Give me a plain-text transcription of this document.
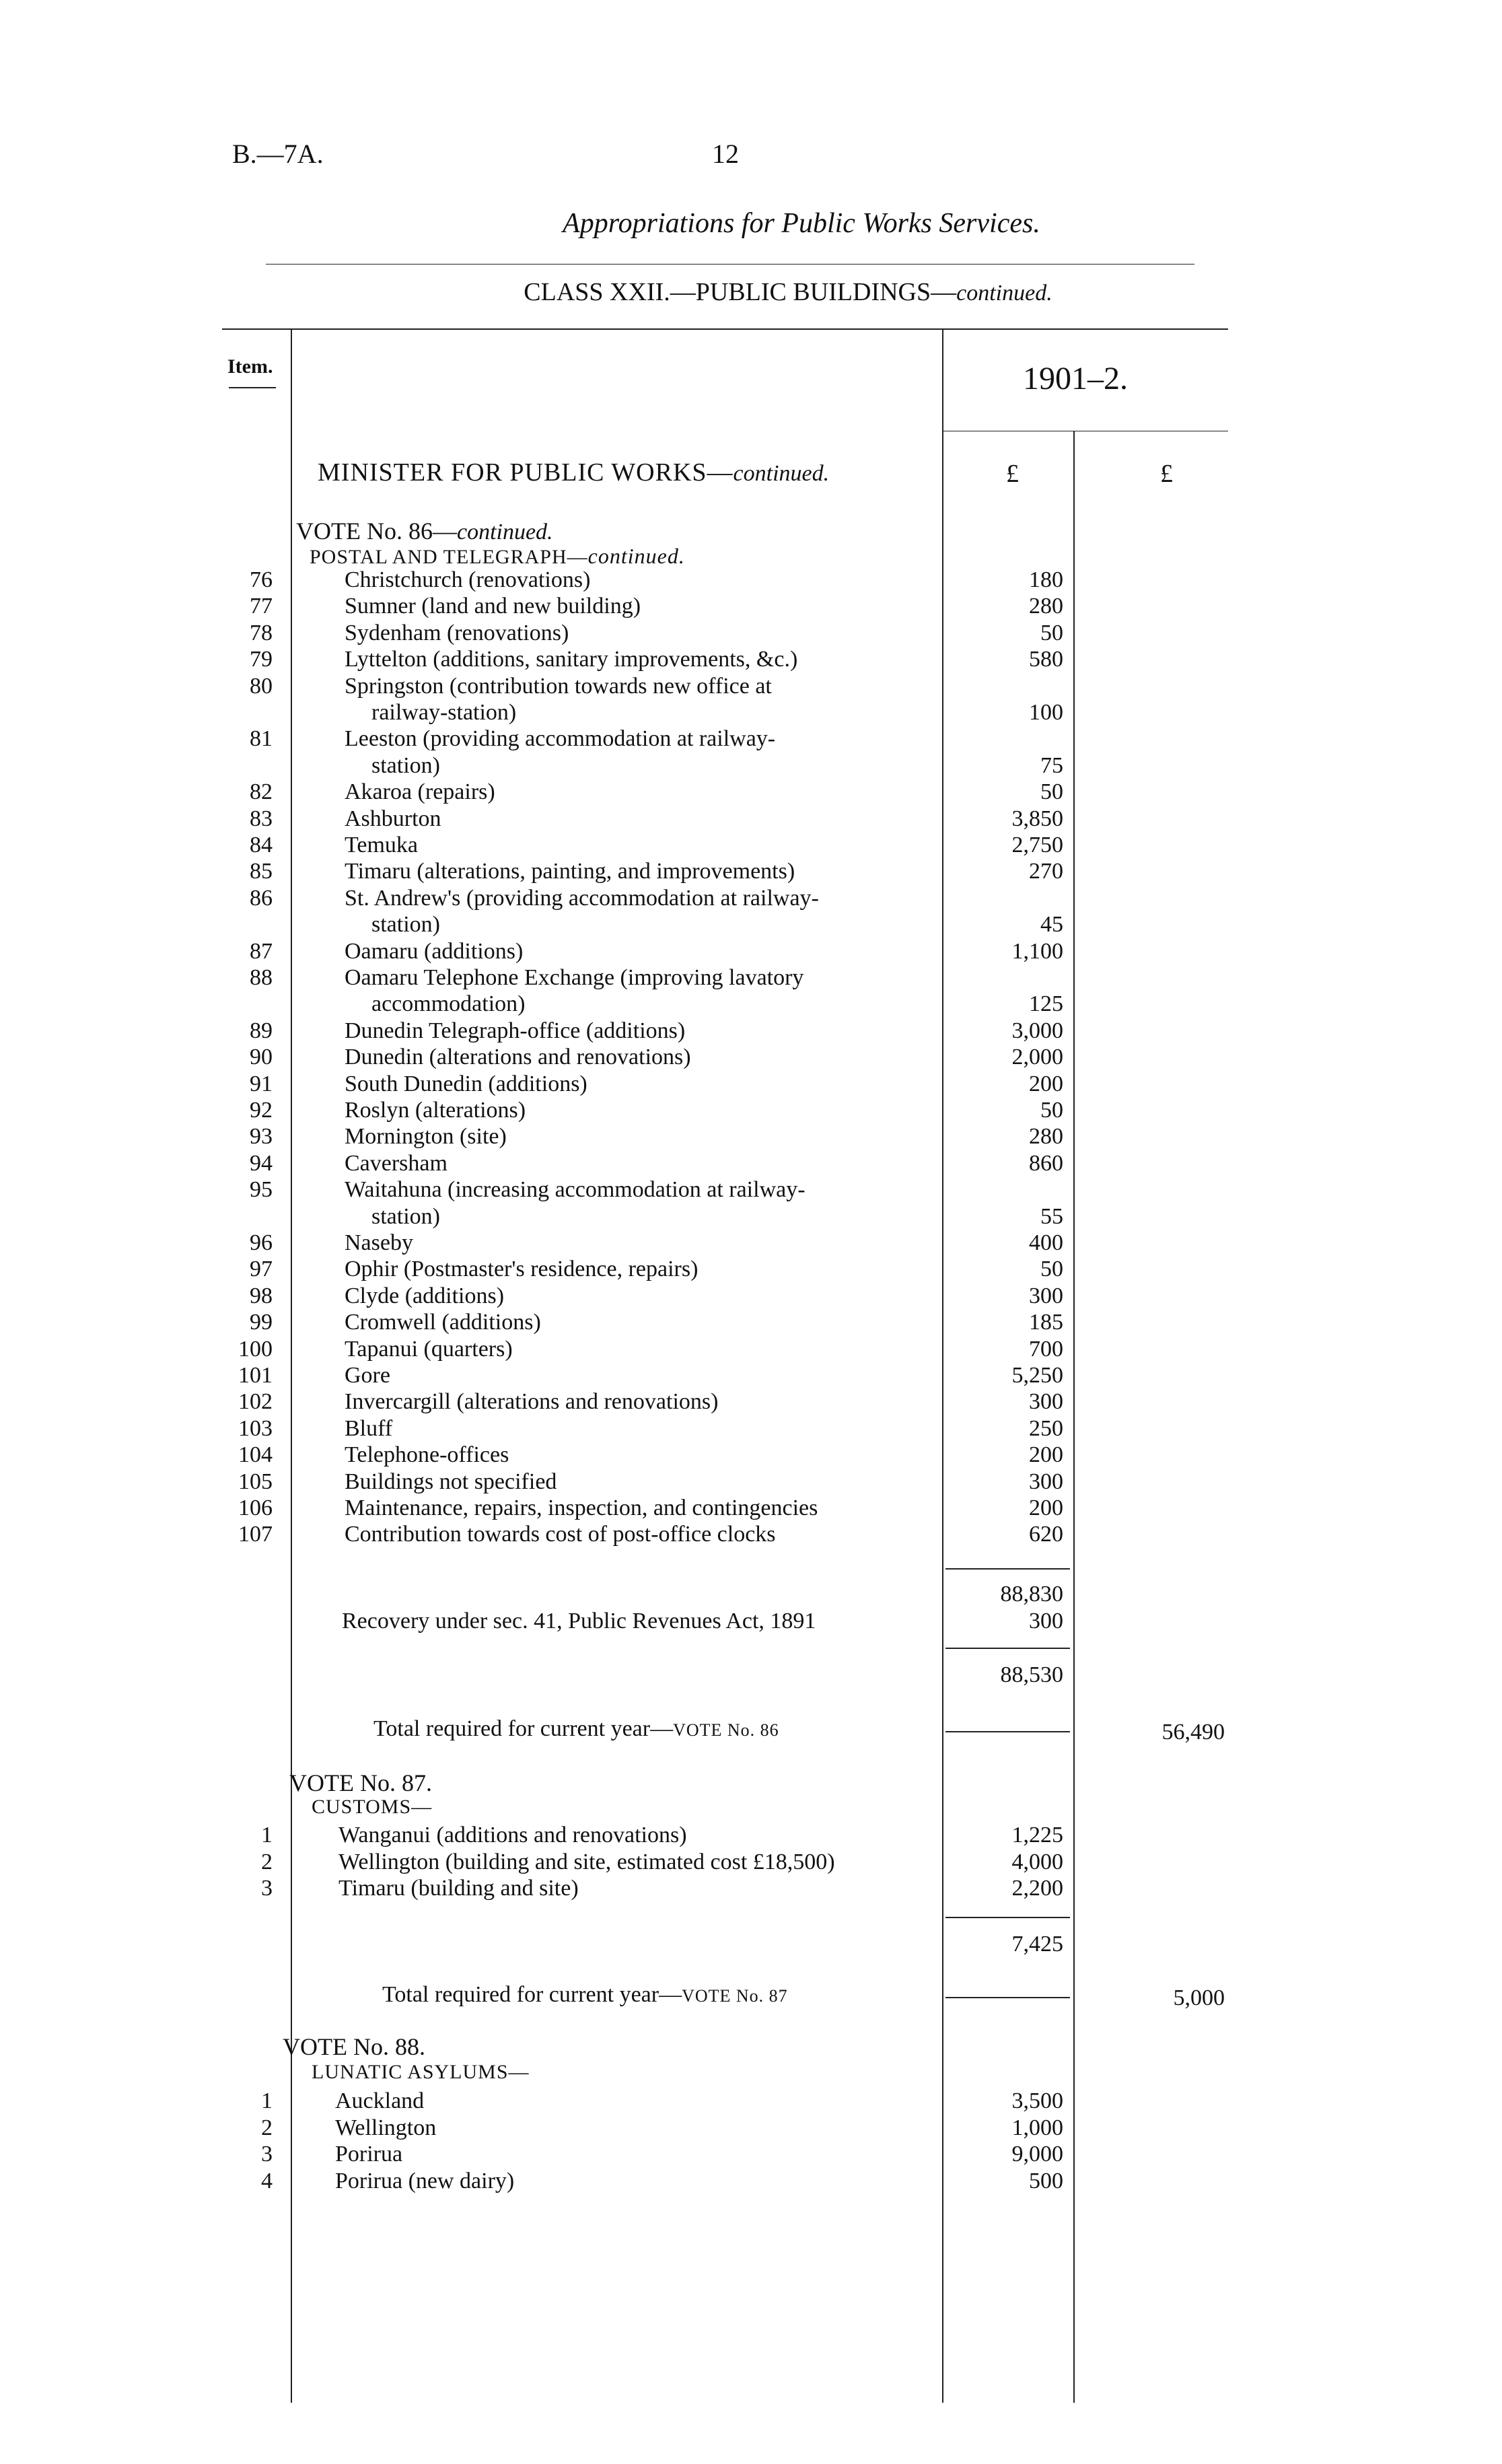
B.—7A.	12
Appropriations for Public Works Services.
CLASS XXII.—PUBLIC BUILDINGS—continued.
Item.	1901–2.
MINISTER FOR PUBLIC WORKS—continued.	£	£
VOTE No. 86—continued.
POSTAL AND TELEGRAPH—continued.
76	Christchurch (renovations)	180
77	Sumner (land and new building)	280
78	Sydenham (renovations)	50
79	Lyttelton (additions, sanitary improvements, &c.)	580
80	Springston (contribution towards new office at
railway-station)	100
81	Leeston (providing accommodation at railway-
station)	75
82	Akaroa (repairs)	50
83	Ashburton	3,850
84	Temuka	2,750
85	Timaru (alterations, painting, and improvements)	270
86	St. Andrew's (providing accommodation at railway-
station)	45
87	Oamaru (additions)	1,100
88	Oamaru Telephone Exchange (improving lavatory
accommodation)	125
89	Dunedin Telegraph-office (additions)	3,000
90	Dunedin (alterations and renovations)	2,000
91	South Dunedin (additions)	200
92	Roslyn (alterations)	50
93	Mornington (site)	280
94	Caversham	860
95	Waitahuna (increasing accommodation at railway-
station)	55
96	Naseby	400
97	Ophir (Postmaster's residence, repairs)	50
98	Clyde (additions)	300
99	Cromwell (additions)	185
100	Tapanui (quarters)	700
101	Gore	5,250
102	Invercargill (alterations and renovations)	300
103	Bluff	250
104	Telephone-offices	200
105	Buildings not specified	300
106	Maintenance, repairs, inspection, and contingencies	200
107	Contribution towards cost of post-office clocks	620
88,830
Recovery under sec. 41, Public Revenues Act, 1891	300
88,530
Total required for current year—VOTE No. 86	56,490
VOTE No. 87.
CUSTOMS—
1	Wanganui (additions and renovations)	1,225
2	Wellington (building and site, estimated cost £18,500)	4,000
3	Timaru (building and site)	2,200
7,425
Total required for current year—VOTE No. 87	5,000
VOTE No. 88.
LUNATIC ASYLUMS—
1	Auckland	3,500
2	Wellington	1,000
3	Porirua	9,000
4	Porirua (new dairy)	500
